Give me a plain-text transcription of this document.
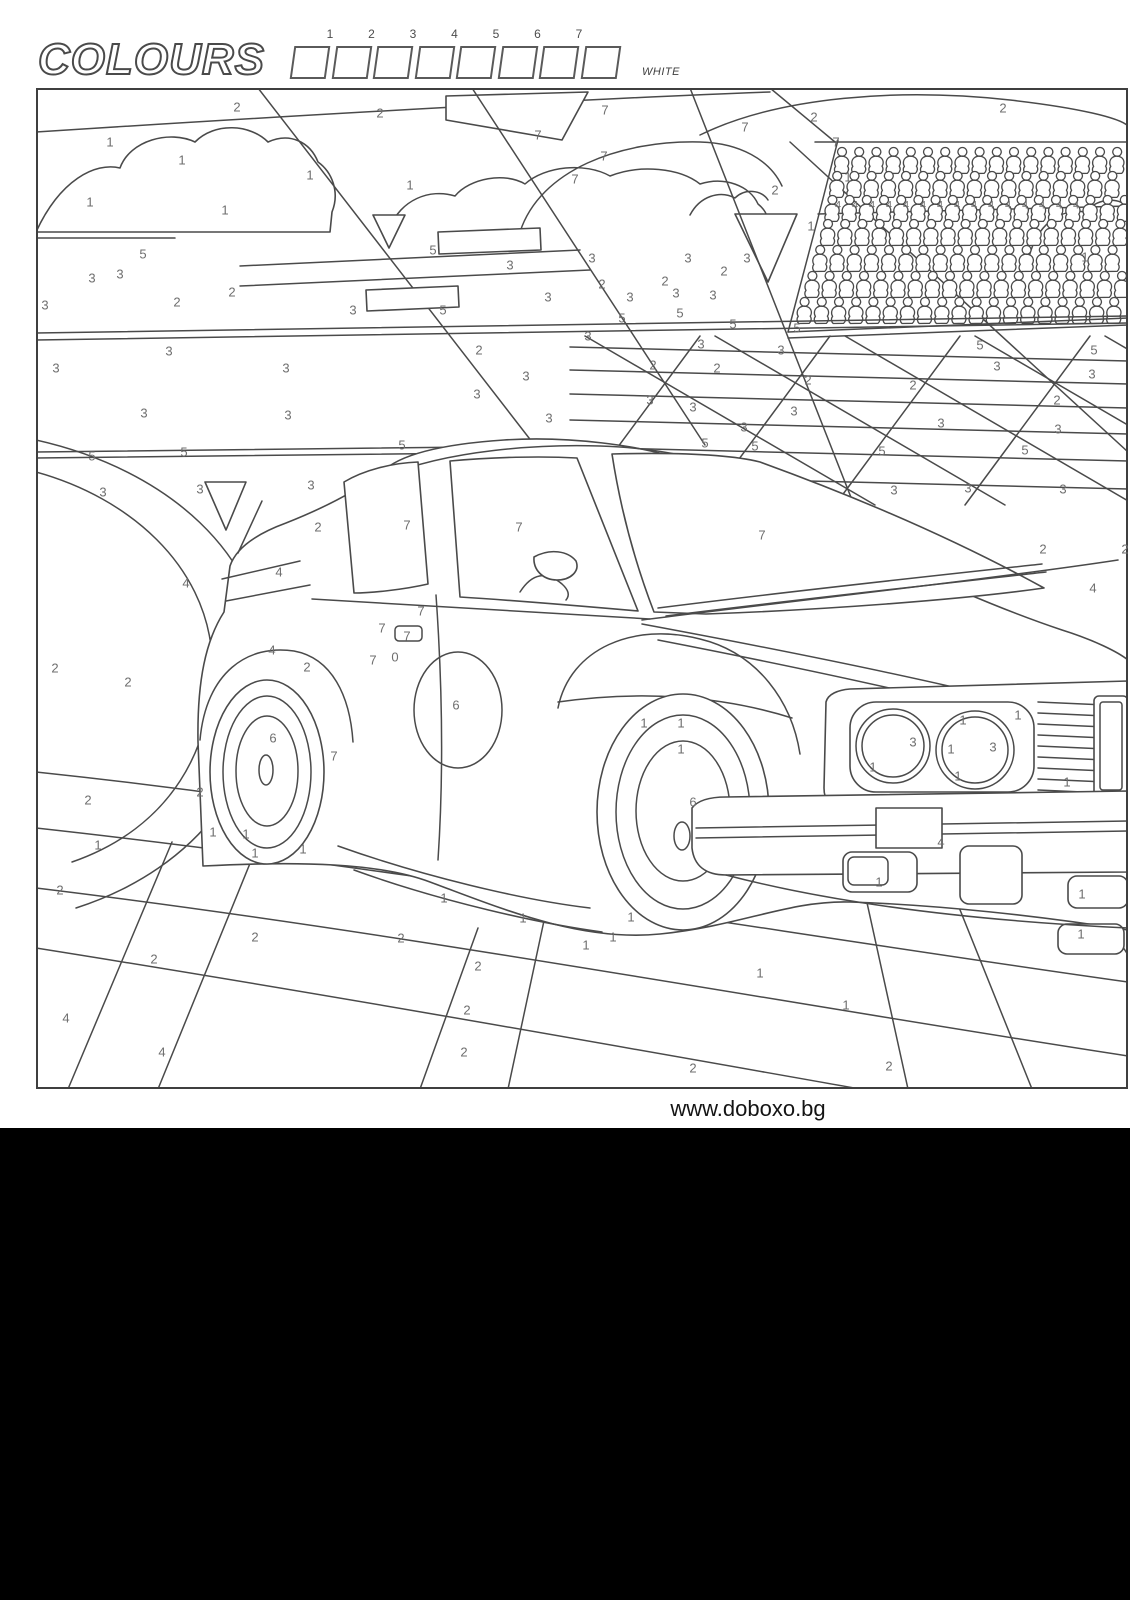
COLOURS
1	2	3	4	5	6	7
WHITE
2	2	7
7
7
7
7
2
2
7
2
1
1
1
1
1
1
1
1
4 4 4 4 4 4 4 4 4 4 4 4 4 4 4
1
5	5
3 3
2
2
3	3	5
3	3	3	3
2	2
2
3	3	3 3
5	5
5	5
5	5
3
3	3
3
3
2	2
2	2
2
3	3	3
3	3
3
5	5	5	5
3	3	3
3
3	3
2
3
3
3	3	3
5	5	5
3	3	3
4
2
2
2
1
7
7	7
4
2
2	2
4
7
7
7
0
7
4
2
6
7
6
2
1 1
1	1
6
1 1
1
1
3	3
1	1
1
1	1
4
1
1
1
1
1
1
1
1
2
1
1
2	2
2	2
2
2
4
4
2	2
www.doboxo.bg
